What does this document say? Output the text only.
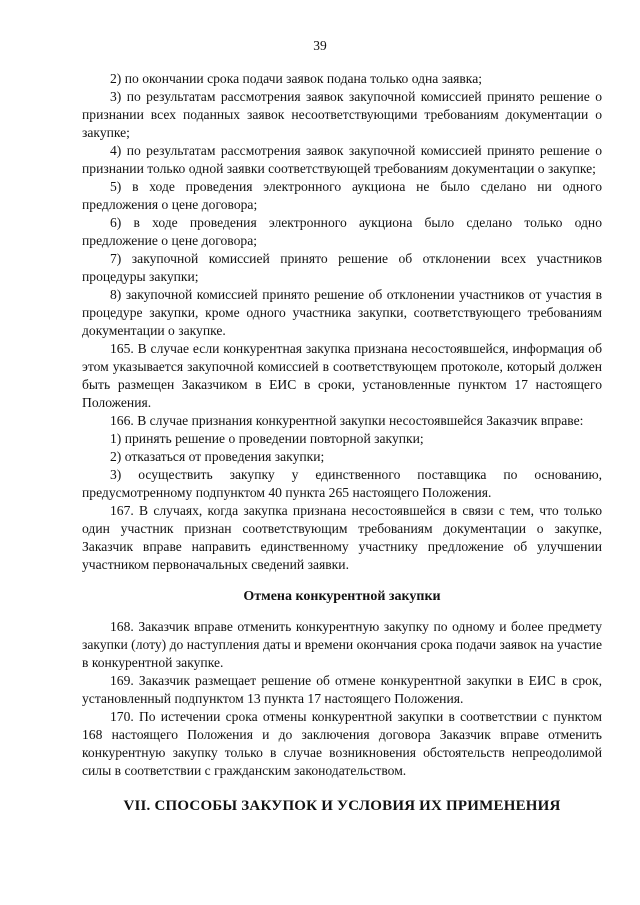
39

2) по окончании срока подачи заявок подана только одна заявка;

3) по результатам рассмотрения заявок закупочной комиссией принято решение о признании всех поданных заявок несоответствующими требованиям документации о закупке;

4) по результатам рассмотрения заявок закупочной комиссией принято решение о признании только одной заявки соответствующей требованиям документации о закупке;

5) в ходе проведения электронного аукциона не было сделано ни одного предложения о цене договора;

6) в ходе проведения электронного аукциона было сделано только одно предложение о цене договора;

7) закупочной комиссией принято решение об отклонении всех участников процедуры закупки;

8) закупочной комиссией принято решение об отклонении участников от участия в процедуре закупки, кроме одного участника закупки, соответствующего требованиям документации о закупке.

165. В случае если конкурентная закупка признана несостоявшейся, информация об этом указывается закупочной комиссией в соответствующем протоколе, который должен быть размещен Заказчиком в ЕИС в сроки, установленные пунктом 17 настоящего Положения.

166. В случае признания конкурентной закупки несостоявшейся Заказчик вправе:

1) принять решение о проведении повторной закупки;

2) отказаться от проведения закупки;

3) осуществить закупку у единственного поставщика по основанию, предусмотренному подпунктом 40 пункта 265 настоящего Положения.

167. В случаях, когда закупка признана несостоявшейся в связи с тем, что только один участник признан соответствующим требованиям документации о закупке, Заказчик вправе направить единственному участнику предложение об улучшении участником первоначальных сведений заявки.

Отмена конкурентной закупки

168. Заказчик вправе отменить конкурентную закупку по одному и более предмету закупки (лоту) до наступления даты и времени окончания срока подачи заявок на участие в конкурентной закупке.

169. Заказчик размещает решение об отмене конкурентной закупки в ЕИС в срок, установленный подпунктом 13 пункта 17 настоящего Положения.

170. По истечении срока отмены конкурентной закупки в соответствии с пунктом 168 настоящего Положения и до заключения договора Заказчик вправе отменить конкурентную закупку только в случае возникновения обстоятельств непреодолимой силы в соответствии с гражданским законодательством.

VII. СПОСОБЫ ЗАКУПОК И УСЛОВИЯ ИХ ПРИМЕНЕНИЯ
